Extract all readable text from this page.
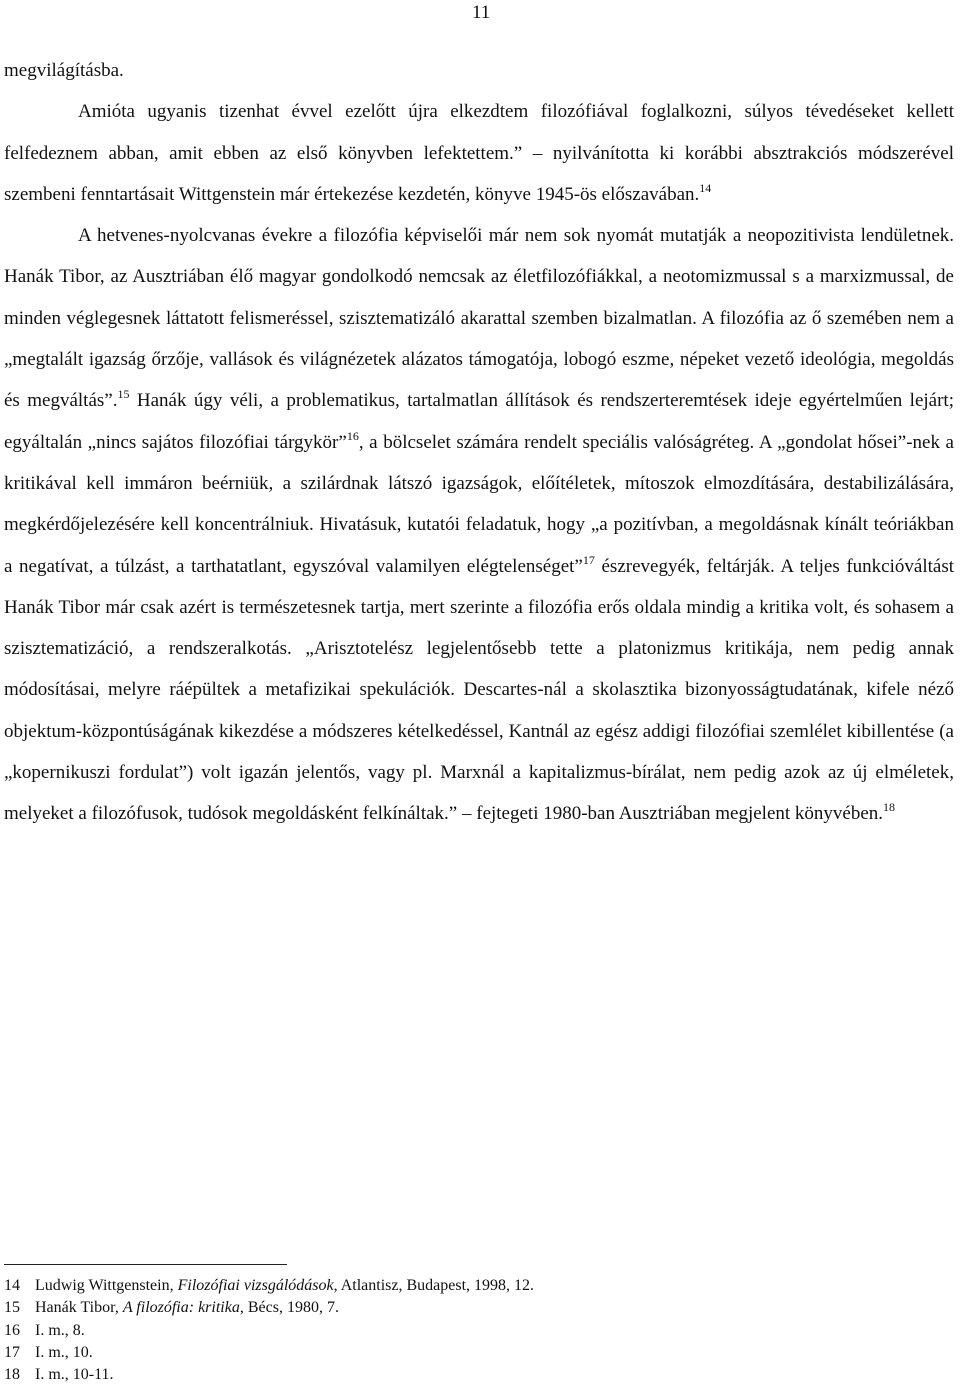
11

megvilágításba.

Amióta ugyanis tizenhat évvel ezelőtt újra elkezdtem filozófiával foglalkozni, súlyos tévedéseket kellett felfedeznem abban, amit ebben az első könyvben lefektettem.” – nyilvánította ki korábbi absztrakciós módszerével szembeni fenntartásait Wittgenstein már értekezése kezdetén, könyve 1945-ös előszavában.$^{14}$

A hetvenes-nyolcvanas évekre a filozófia képviselői már nem sok nyomát mutatják a neopozitivista lendületnek. Hanák Tibor, az Ausztriában élő magyar gondolkodó nemcsak az életfilozófiákkal, a neotomizmussal s a marxizmussal, de minden véglegesnek láttatott felismeréssel, szisztematizáló akarattal szemben bizalmatlan. A filozófia az ő szemében nem a „megtalált igazság őrzője, vallások és világnézetek alázatos támogatója, lobogó eszme, népeket vezető ideológia, megoldás és megváltás”.$^{15}$ Hanák úgy véli, a problematikus, tartalmatlan állítások és rendszerteremtések ideje egyértelműen lejárt; egyáltalán „nincs sajátos filozófiai tárgykör”$^{16}$, a bölcselet számára rendelt speciális valóságréteg. A „gondolat hősei”-nek a kritikával kell immáron beérniük, a szilárdnak látszó igazságok, előítéletek, mítoszok elmozdítására, destabilizálására, megkérdőjelezésére kell koncentrálniuk. Hivatásuk, kutatói feladatuk, hogy „a pozitívban, a megoldásnak kínált teóriákban a negatívat, a túlzást, a tarthatatlant, egyszóval valamilyen elégtelenséget”$^{17}$ észrevegyék, feltárják. A teljes funkcióváltást Hanák Tibor már csak azért is természetesnek tartja, mert szerinte a filozófia erős oldala mindig a kritika volt, és sohasem a szisztematizáció, a rendszeralkotás. „Arisztotelész legjelentősebb tette a platonizmus kritikája, nem pedig annak módosításai, melyre ráépültek a metafizikai spekulációk. Descartes-nál a skolasztika bizonyosságtudatának, kifele néző objektum-központúságának kikezdése a módszeres kételkedéssel, Kantnál az egész addigi filozófiai szemlélet kibillentése (a „kopernikuszi fordulat”) volt igazán jelentős, vagy pl. Marxnál a kapitalizmus-bírálat, nem pedig azok az új elméletek, melyeket a filozófusok, tudósok megoldásként felkínáltak.” – fejtegeti 1980-ban Ausztriában megjelent könyvében.$^{18}$

14 Ludwig Wittgenstein, Filozófiai vizsgálódások, Atlantisz, Budapest, 1998, 12.
15 Hanák Tibor, A filozófia: kritika, Bécs, 1980, 7.
16 I. m., 8.
17 I. m., 10.
18 I. m., 10-11.
